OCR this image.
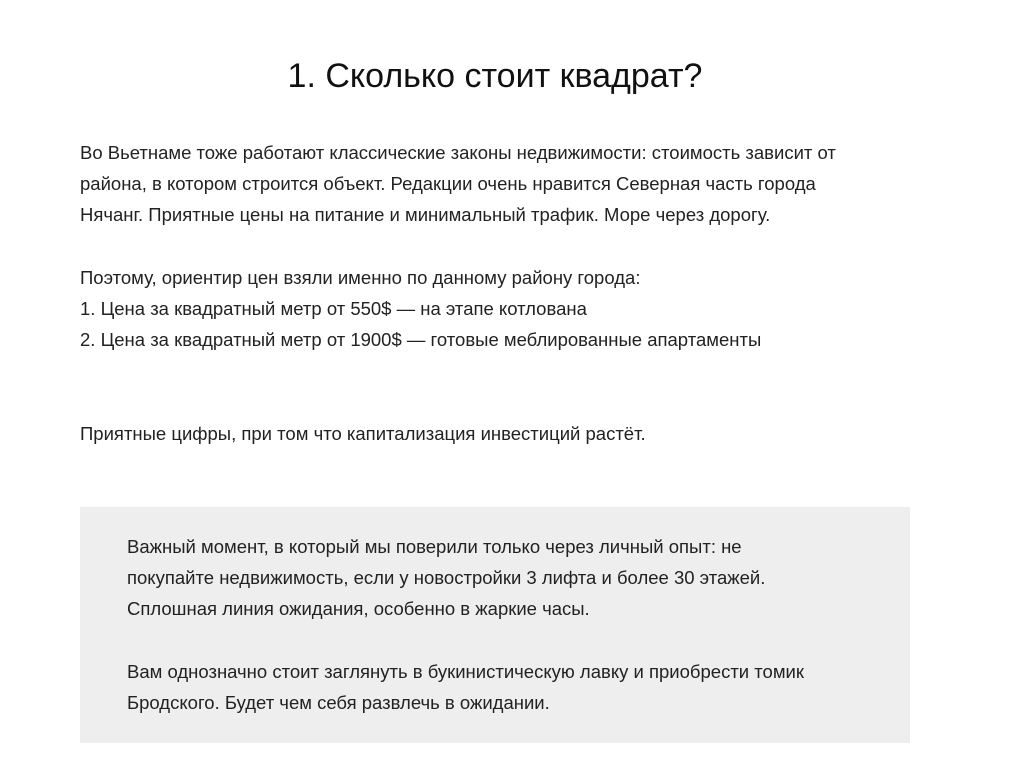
1. Сколько стоит квадрат?

Во Вьетнаме тоже работают классические законы недвижимости: стоимость зависит от
района, в котором строится объект. Редакции очень нравится Северная часть города
Нячанг. Приятные цены на питание и минимальный трафик. Море через дорогу.

Поэтому, ориентир цен взяли именно по данному району города:
1. Цена за квадратный метр от 550$ — на этапе котлована
2. Цена за квадратный метр от 1900$ — готовые меблированные апартаменты

Приятные цифры, при том что капитализация инвестиций растёт.

Важный момент, в который мы поверили только через личный опыт: не
покупайте недвижимость, если у новостройки 3 лифта и более 30 этажей.
Сплошная линия ожидания, особенно в жаркие часы.

Вам однозначно стоит заглянуть в букинистическую лавку и приобрести томик
Бродского. Будет чем себя развлечь в ожидании.
